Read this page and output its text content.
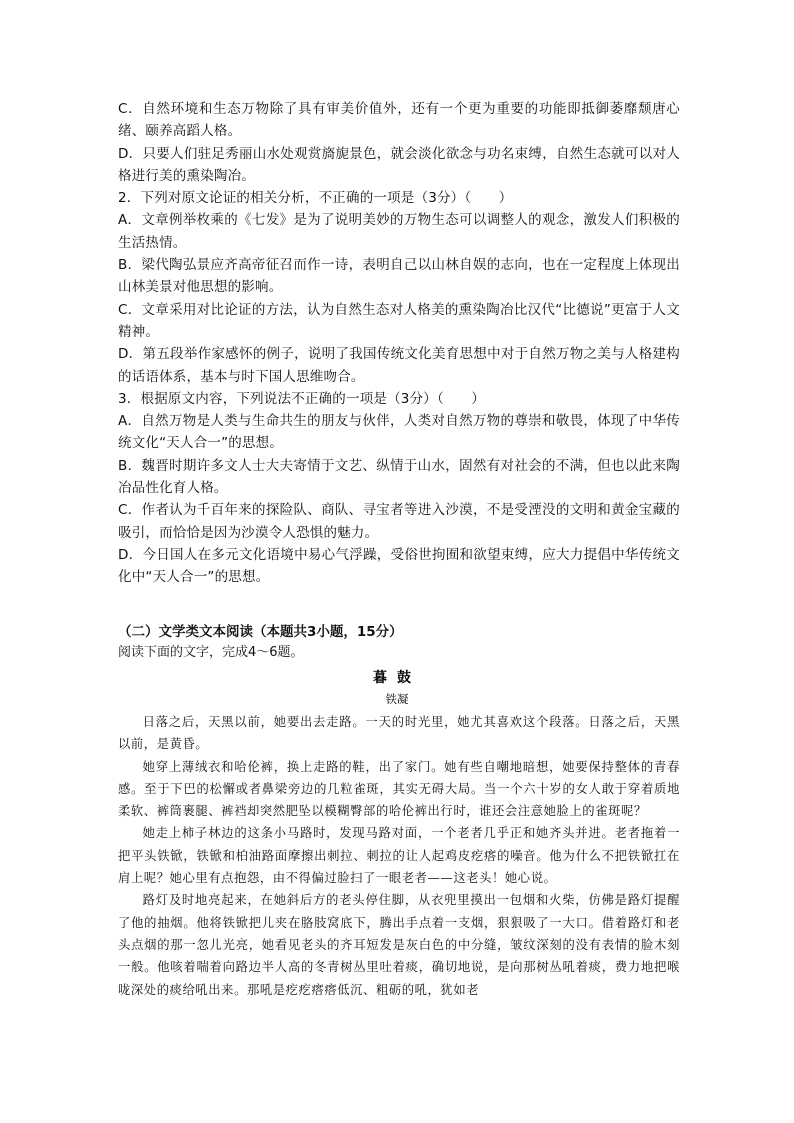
C．自然环境和生态万物除了具有审美价值外，还有一个更为重要的功能即抵御萎靡颓唐心绪、颐养高蹈人格。

D．只要人们驻足秀丽山水处观赏旖旎景色，就会淡化欲念与功名束缚，自然生态就可以对人格进行美的熏染陶冶。

2．下列对原文论证的相关分析，不正确的一项是（3分）（　　）

A．文章例举枚乘的《七发》是为了说明美妙的万物生态可以调整人的观念，激发人们积极的生活热情。

B．梁代陶弘景应齐高帝征召而作一诗，表明自己以山林自娱的志向，也在一定程度上体现出山林美景对他思想的影响。

C．文章采用对比论证的方法，认为自然生态对人格美的熏染陶冶比汉代“比德说”更富于人文精神。

D．第五段举作家感怀的例子，说明了我国传统文化美育思想中对于自然万物之美与人格建构的话语体系，基本与时下国人思维吻合。

3．根据原文内容，下列说法不正确的一项是（3分）（　　）

A．自然万物是人类与生命共生的朋友与伙伴，人类对自然万物的尊崇和敬畏，体现了中华传统文化“天人合一”的思想。

B．魏晋时期许多文人士大夫寄情于文艺、纵情于山水，固然有对社会的不满，但也以此来陶冶品性化育人格。

C．作者认为千百年来的探险队、商队、寻宝者等进入沙漠，不是受湮没的文明和黄金宝藏的吸引，而恰恰是因为沙漠令人恐惧的魅力。

D．今日国人在多元文化语境中易心气浮躁，受俗世拘囿和欲望束缚，应大力提倡中华传统文化中“天人合一”的思想。

（二）文学类文本阅读（本题共3小题，15分）
阅读下面的文字，完成4～6题。
暮鼓
铁凝

日落之后，天黑以前，她要出去走路。一天的时光里，她尤其喜欢这个段落。日落之后，天黑以前，是黄昏。

她穿上薄绒衣和哈伦裤，换上走路的鞋，出了家门。她有些自嘲地暗想，她要保持整体的青春感。至于下巴的松懈或者鼻梁旁边的几粒雀斑，其实无碍大局。当一个六十岁的女人敢于穿着质地柔软、裤筒裹腿、裤裆却突然肥坠以模糊臀部的哈伦裤出行时，谁还会注意她脸上的雀斑呢？

她走上柿子林边的这条小马路时，发现马路对面，一个老者几乎正和她齐头并进。老者拖着一把平头铁锨，铁锨和柏油路面摩擦出刺拉、刺拉的让人起鸡皮疙瘩的噪音。他为什么不把铁锨扛在肩上呢？她心里有点抱怨，由不得偏过脸扫了一眼老者——这老头！她心说。

路灯及时地亮起来，在她斜后方的老头停住脚，从衣兜里摸出一包烟和火柴，仿佛是路灯提醒了他的抽烟。他将铁锨把儿夹在胳肢窝底下，腾出手点着一支烟，狠狠吸了一大口。借着路灯和老头点烟的那一忽儿光亮，她看见老头的齐耳短发是灰白色的中分缝，皱纹深刻的没有表情的脸木刻一般。他咳着喘着向路边半人高的冬青树丛里吐着痰，确切地说，是向那树丛吼着痰，费力地把喉咙深处的痰给吼出来。那吼是疙疙瘩瘩低沉、粗砺的吼，犹如老
